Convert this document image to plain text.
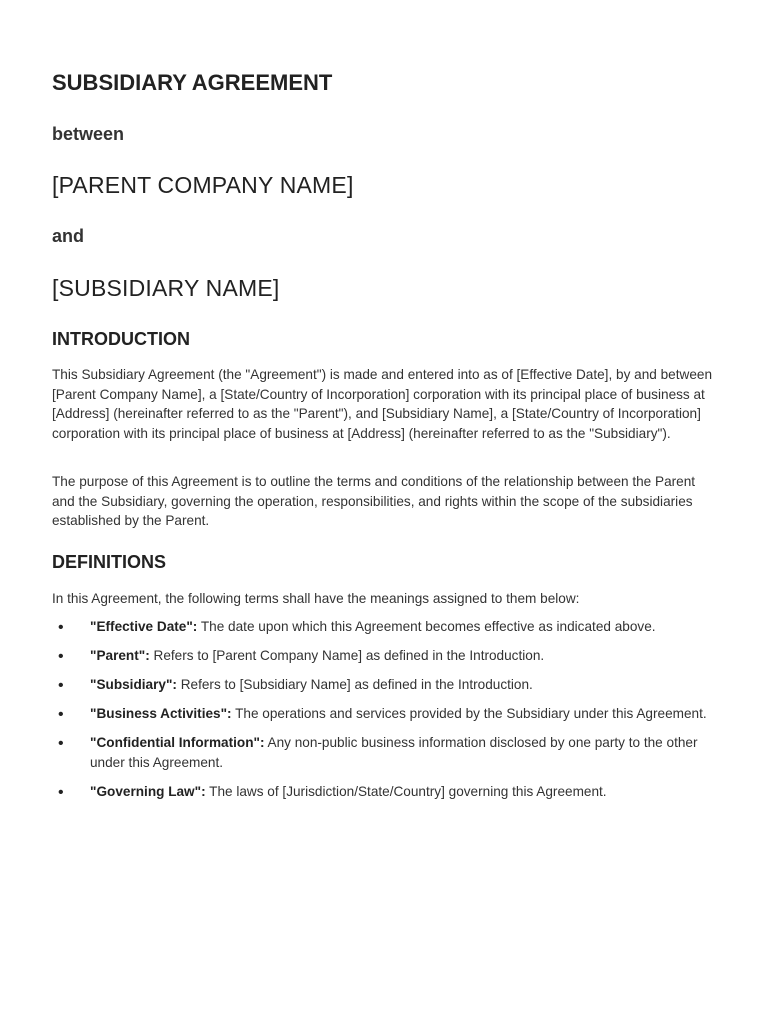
SUBSIDIARY AGREEMENT

between

[PARENT COMPANY NAME]

and

[SUBSIDIARY NAME]
INTRODUCTION

This Subsidiary Agreement (the "Agreement") is made and entered into as of [Effective Date], by and between [Parent Company Name], a [State/Country of Incorporation] corporation with its principal place of business at [Address] (hereinafter referred to as the "Parent"), and [Subsidiary Name], a [State/Country of Incorporation] corporation with its principal place of business at [Address] (hereinafter referred to as the "Subsidiary").

The purpose of this Agreement is to outline the terms and conditions of the relationship between the Parent and the Subsidiary, governing the operation, responsibilities, and rights within the scope of the subsidiaries established by the Parent.

DEFINITIONS

In this Agreement, the following terms shall have the meanings assigned to them below:

• "Effective Date": The date upon which this Agreement becomes effective as indicated above.
• "Parent": Refers to [Parent Company Name] as defined in the Introduction.
• "Subsidiary": Refers to [Subsidiary Name] as defined in the Introduction.
• "Business Activities": The operations and services provided by the Subsidiary under this Agreement.
• "Confidential Information": Any non-public business information disclosed by one party to the other under this Agreement.
• "Governing Law": The laws of [Jurisdiction/State/Country] governing this Agreement.
